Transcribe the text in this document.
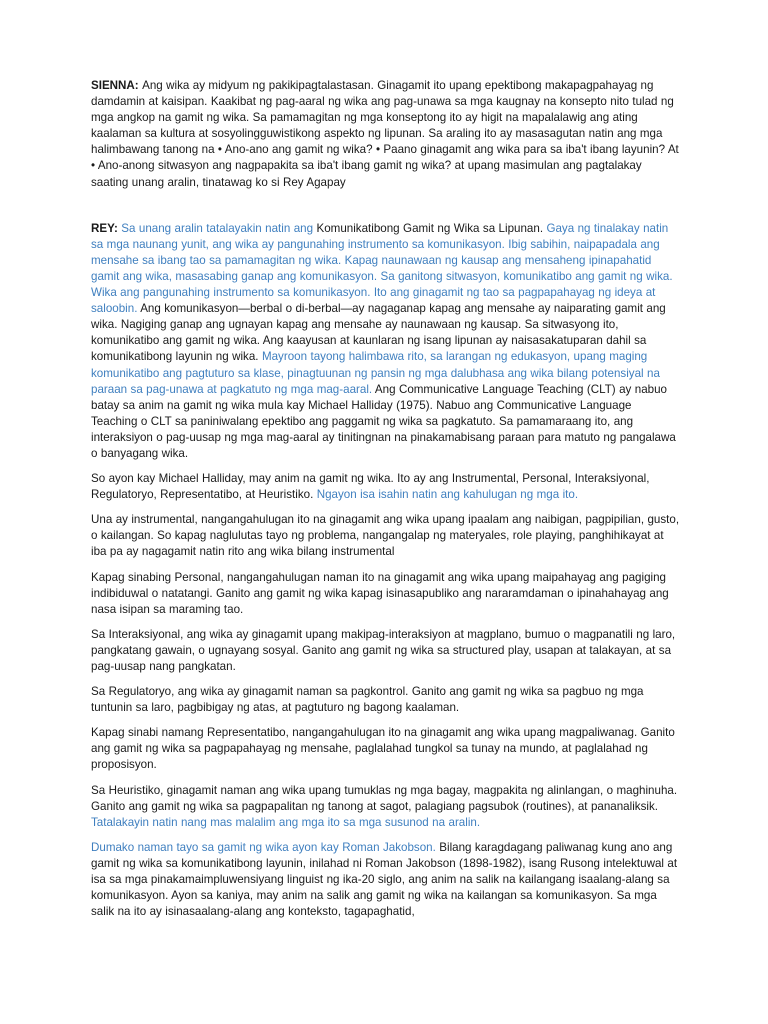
SIENNA: Ang wika ay midyum ng pakikipagtalastasan. Ginagamit ito upang epektibong makapagpahayag ng damdamin at kaisipan. Kaakibat ng pag-aaral ng wika ang pag-unawa sa mga kaugnay na konsepto nito tulad ng mga angkop na gamit ng wika. Sa pamamagitan ng mga konseptong ito ay higit na mapalalawig ang ating kaalaman sa kultura at sosyolingguwistikong aspekto ng lipunan. Sa araling ito ay masasagutan natin ang mga halimbawang tanong na • Ano-ano ang gamit ng wika? • Paano ginagamit ang wika para sa iba't ibang layunin? At • Ano-anong sitwasyon ang nagpapakita sa iba't ibang gamit ng wika? at upang masimulan ang pagtalakay saating unang aralin, tinatawag ko si Rey Agapay

REY: Sa unang aralin tatalayakin natin ang Komunikatibong Gamit ng Wika sa Lipunan. Gaya ng tinalakay natin sa mga naunang yunit, ang wika ay pangunahing instrumento sa komunikasyon. Ibig sabihin, naipapadala ang mensahe sa ibang tao sa pamamagitan ng wika. Kapag naunawaan ng kausap ang mensaheng ipinapahatid gamit ang wika, masasabing ganap ang komunikasyon. Sa ganitong sitwasyon, komunikatibo ang gamit ng wika. Wika ang pangunahing instrumento sa komunikasyon. Ito ang ginagamit ng tao sa pagpapahayag ng ideya at saloobin. Ang komunikasyon—berbal o di-berbal—ay nagaganap kapag ang mensahe ay naiparating gamit ang wika. Nagiging ganap ang ugnayan kapag ang mensahe ay naunawaan ng kausap. Sa sitwasyong ito, komunikatibo ang gamit ng wika. Ang kaayusan at kaunlaran ng isang lipunan ay naisasakatuparan dahil sa komunikatibong layunin ng wika. Mayroon tayong halimbawa rito, sa larangan ng edukasyon, upang maging komunikatibo ang pagtuturo sa klase, pinagtuunan ng pansin ng mga dalubhasa ang wika bilang potensiyal na paraan sa pag-unawa at pagkatuto ng mga mag-aaral. Ang Communicative Language Teaching (CLT) ay nabuo batay sa anim na gamit ng wika mula kay Michael Halliday (1975). Nabuo ang Communicative Language Teaching o CLT sa paniniwalang epektibo ang paggamit ng wika sa pagkatuto. Sa pamamaraang ito, ang interaksiyon o pag-uusap ng mga mag-aaral ay tinitingnan na pinakamabisang paraan para matuto ng pangalawa o banyagang wika.

So ayon kay Michael Halliday, may anim na gamit ng wika. Ito ay ang Instrumental, Personal, Interaksiyonal, Regulatoryo, Representatibo, at Heuristiko. Ngayon isa isahin natin ang kahulugan ng mga ito.

Una ay instrumental, nangangahulugan ito na ginagamit ang wika upang ipaalam ang naibigan, pagpipilian, gusto, o kailangan. So kapag naglulutas tayo ng problema, nangangalap ng materyales, role playing, panghihikayat at iba pa ay nagagamit natin rito ang wika bilang instrumental

Kapag sinabing Personal, nangangahulugan naman ito na ginagamit ang wika upang maipahayag ang pagiging indibiduwal o natatangi. Ganito ang gamit ng wika kapag isinasapubliko ang nararamdaman o ipinahahayag ang nasa isipan sa maraming tao.

Sa Interaksiyonal, ang wika ay ginagamit upang makipag-interaksiyon at magplano, bumuo o magpanatili ng laro, pangkatang gawain, o ugnayang sosyal. Ganito ang gamit ng wika sa structured play, usapan at talakayan, at sa pag-uusap nang pangkatan.

Sa Regulatoryo, ang wika ay ginagamit naman sa pagkontrol. Ganito ang gamit ng wika sa pagbuo ng mga tuntunin sa laro, pagbibigay ng atas, at pagtuturo ng bagong kaalaman.

Kapag sinabi namang Representatibo, nangangahulugan ito na ginagamit ang wika upang magpaliwanag. Ganito ang gamit ng wika sa pagpapahayag ng mensahe, paglalahad tungkol sa tunay na mundo, at paglalahad ng proposisyon.

Sa Heuristiko, ginagamit naman ang wika upang tumuklas ng mga bagay, magpakita ng alinlangan, o maghinuha. Ganito ang gamit ng wika sa pagpapalitan ng tanong at sagot, palagiang pagsubok (routines), at pananaliksik. Tatalakayin natin nang mas malalim ang mga ito sa mga susunod na aralin.

Dumako naman tayo sa gamit ng wika ayon kay Roman Jakobson. Bilang karagdagang paliwanag kung ano ang gamit ng wika sa komunikatibong layunin, inilahad ni Roman Jakobson (1898-1982), isang Rusong intelektuwal at isa sa mga pinakamaimpluwensiyang linguist ng ika-20 siglo, ang anim na salik na kailangang isaalang-alang sa komunikasyon. Ayon sa kaniya, may anim na salik ang gamit ng wika na kailangan sa komunikasyon. Sa mga salik na ito ay isinasaalang-alang ang konteksto, tagapaghatid,
